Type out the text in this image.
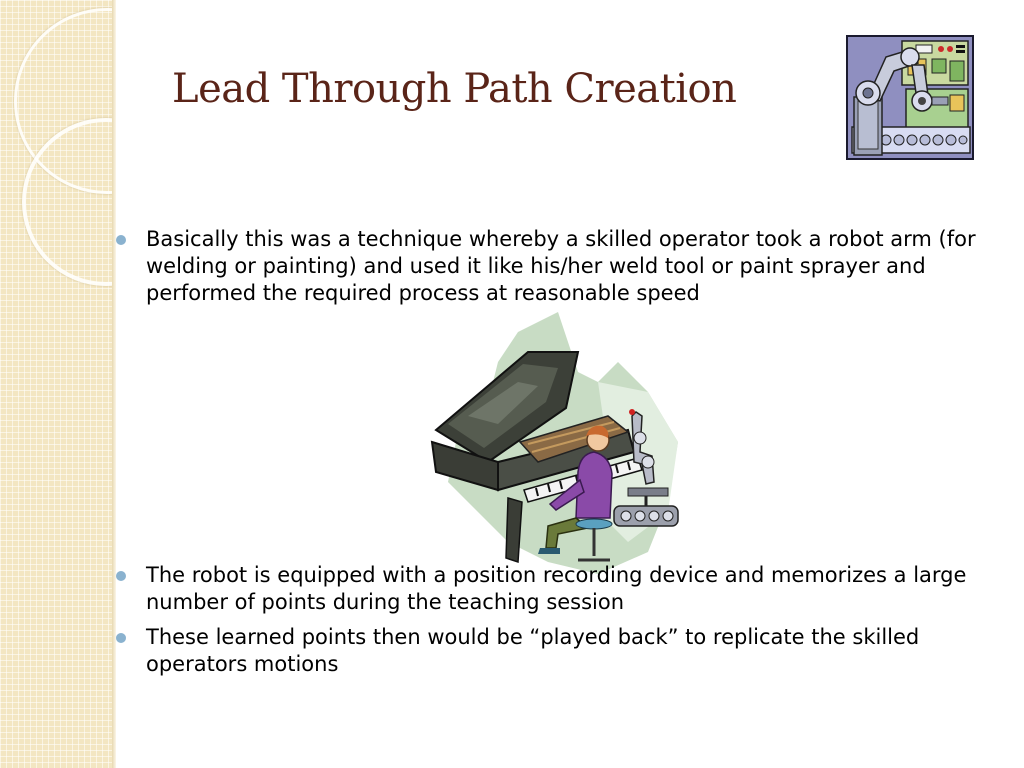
Lead Through Path Creation
Basically this was a technique whereby a skilled operator took a robot arm (for welding or painting) and used it like his/her weld tool or paint sprayer and performed the required process at reasonable speed
The robot is equipped with a position recording device and memorizes a large number of points during the teaching session
These learned points then would be “played back” to replicate the skilled operators motions
